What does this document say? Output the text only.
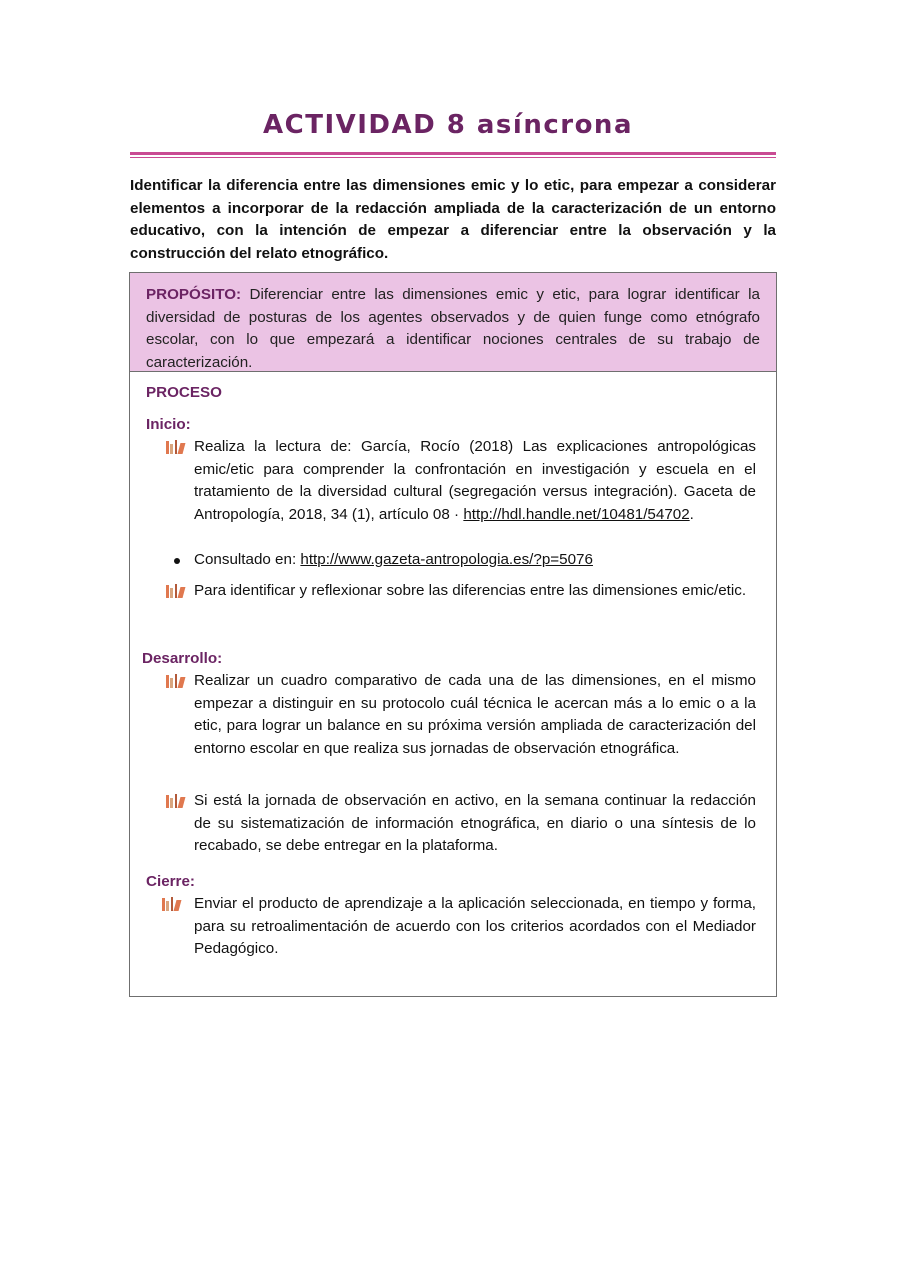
ACTIVIDAD 8 asíncrona

Identificar la diferencia entre las dimensiones emic y lo etic, para empezar a considerar elementos a incorporar de la redacción ampliada de la caracterización de un entorno educativo, con la intención de empezar a diferenciar entre la observación y la construcción del relato etnográfico.

PROPÓSITO: Diferenciar entre las dimensiones emic y etic, para lograr identificar la diversidad de posturas de los agentes observados y de quien funge como etnógrafo escolar, con lo que empezará a identificar nociones centrales de su trabajo de caracterización.
PROCESO
Inicio:
Realiza la lectura de: García, Rocío (2018) Las explicaciones antropológicas emic/etic para comprender la confrontación en investigación y escuela en el tratamiento de la diversidad cultural (segregación versus integración). Gaceta de Antropología, 2018, 34 (1), artículo 08 · http://hdl.handle.net/10481/54702.
Consultado en: http://www.gazeta-antropologia.es/?p=5076
Para identificar y reflexionar sobre las diferencias entre las dimensiones emic/etic.
Desarrollo:
Realizar un cuadro comparativo de cada una de las dimensiones, en el mismo empezar a distinguir en su protocolo cuál técnica le acercan más a lo emic o a la etic, para lograr un balance en su próxima versión ampliada de caracterización del entorno escolar en que realiza sus jornadas de observación etnográfica.
Si está la jornada de observación en activo, en la semana continuar la redacción de su sistematización de información etnográfica, en diario o una síntesis de lo recabado, se debe entregar en la plataforma.
Cierre:
Enviar el producto de aprendizaje a la aplicación seleccionada, en tiempo y forma, para su retroalimentación de acuerdo con los criterios acordados con el Mediador Pedagógico.
